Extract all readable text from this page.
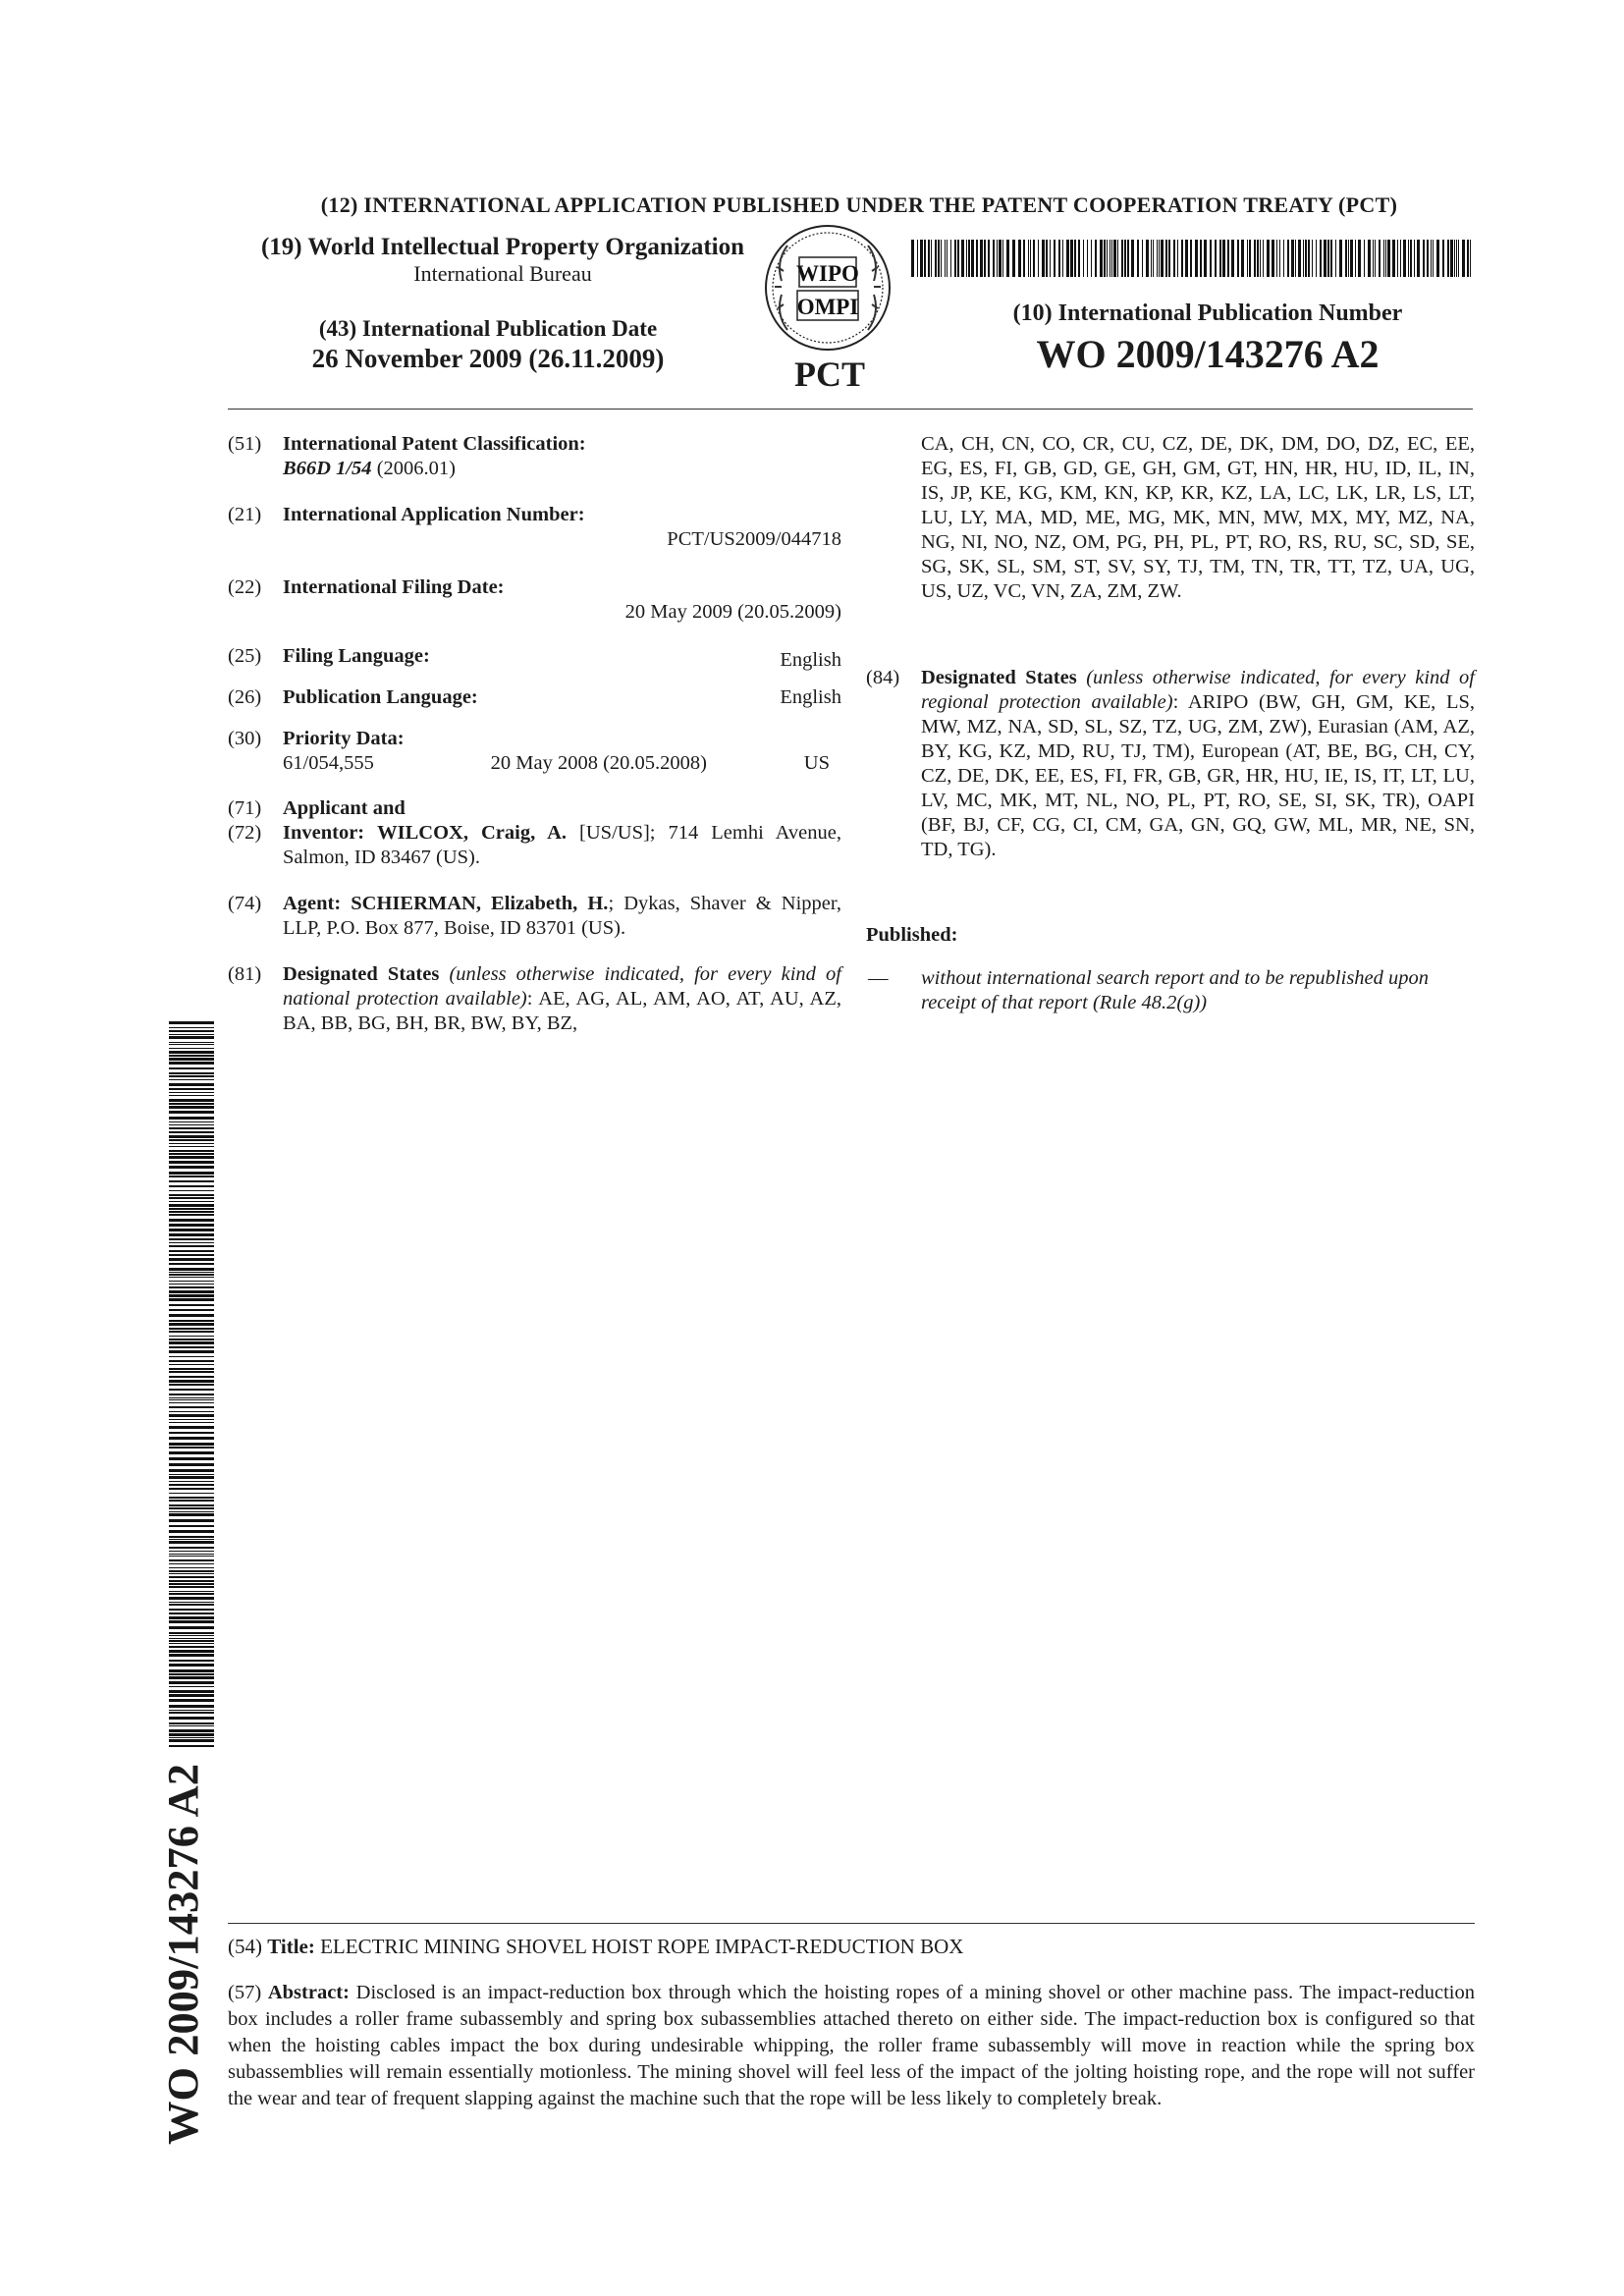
(12) INTERNATIONAL APPLICATION PUBLISHED UNDER THE PATENT COOPERATION TREATY (PCT)
(19) World Intellectual Property Organization
International Bureau
(43) International Publication Date
26 November 2009 (26.11.2009)
WIPO
OMPI
PCT
(10) International Publication Number
WO 2009/143276 A2
(51)	International Patent Classification:
B66D 1/54 (2006.01)
(21)	International Application Number:
PCT/US2009/044718
(22)	International Filing Date:
20 May 2009 (20.05.2009)
(25)	Filing Language:	English
(26)	Publication Language:	English
(30)	Priority Data:
61/054,555	20 May 2008 (20.05.2008)	US
(71)	Applicant and
(72)	Inventor: WILCOX, Craig, A. [US/US]; 714 Lemhi Avenue, Salmon, ID 83467 (US).
(74)	Agent: SCHIERMAN, Elizabeth, H.; Dykas, Shaver & Nipper, LLP, P.O. Box 877, Boise, ID 83701 (US).
(81)	Designated States (unless otherwise indicated, for every kind of national protection available): AE, AG, AL, AM, AO, AT, AU, AZ, BA, BB, BG, BH, BR, BW, BY, BZ,
CA, CH, CN, CO, CR, CU, CZ, DE, DK, DM, DO, DZ, EC, EE, EG, ES, FI, GB, GD, GE, GH, GM, GT, HN, HR, HU, ID, IL, IN, IS, JP, KE, KG, KM, KN, KP, KR, KZ, LA, LC, LK, LR, LS, LT, LU, LY, MA, MD, ME, MG, MK, MN, MW, MX, MY, MZ, NA, NG, NI, NO, NZ, OM, PG, PH, PL, PT, RO, RS, RU, SC, SD, SE, SG, SK, SL, SM, ST, SV, SY, TJ, TM, TN, TR, TT, TZ, UA, UG, US, UZ, VC, VN, ZA, ZM, ZW.
(84)	Designated States (unless otherwise indicated, for every kind of regional protection available): ARIPO (BW, GH, GM, KE, LS, MW, MZ, NA, SD, SL, SZ, TZ, UG, ZM, ZW), Eurasian (AM, AZ, BY, KG, KZ, MD, RU, TJ, TM), European (AT, BE, BG, CH, CY, CZ, DE, DK, EE, ES, FI, FR, GB, GR, HR, HU, IE, IS, IT, LT, LU, LV, MC, MK, MT, NL, NO, PL, PT, RO, SE, SI, SK, TR), OAPI (BF, BJ, CF, CG, CI, CM, GA, GN, GQ, GW, ML, MR, NE, SN, TD, TG).
Published:
—	without international search report and to be republished upon receipt of that report (Rule 48.2(g))
WO 2009/143276 A2 (54) Title: ELECTRIC MINING SHOVEL HOIST ROPE IMPACT-REDUCTION BOX
(57) Abstract: Disclosed is an impact-reduction box through which the hoisting ropes of a mining shovel or other machine pass. The impact-reduction box includes a roller frame subassembly and spring box subassemblies attached thereto on either side. The impact-reduction box is configured so that when the hoisting cables impact the box during undesirable whipping, the roller frame subassembly will move in reaction while the spring box subassemblies will remain essentially motionless. The mining shovel will feel less of the impact of the jolting hoisting rope, and the rope will not suffer the wear and tear of frequent slapping against the machine such that the rope will be less likely to completely break.
